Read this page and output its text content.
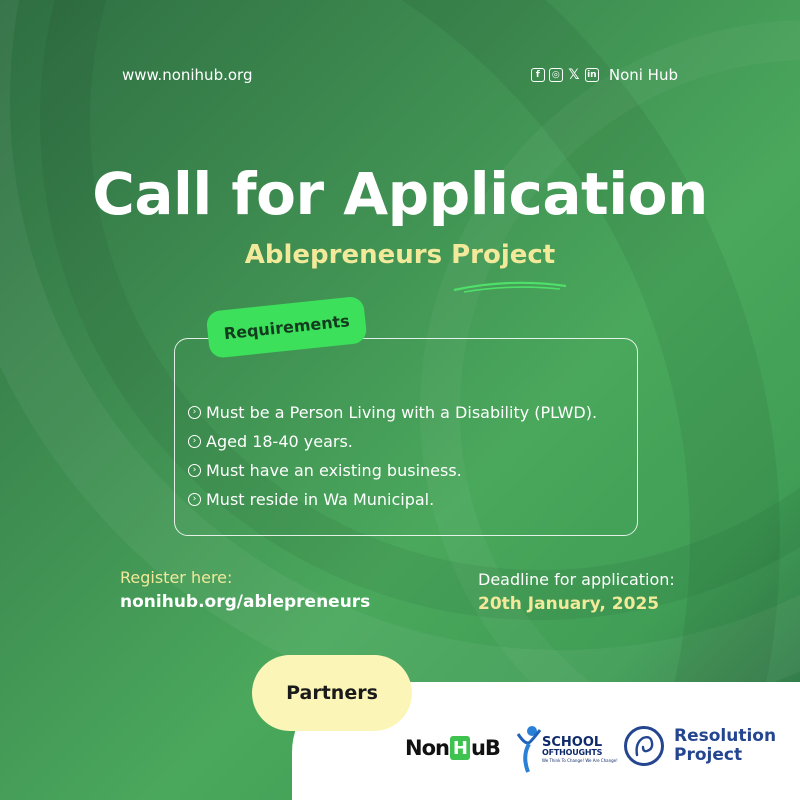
www.nonihub.org	f	◎ 𝕏 in Noni Hub
Call for Application
Ablepreneurs Project
Requirements
› Must be a Person Living with a Disability (PLWD).
› Aged 18-40 years.
› Must have an existing business.
› Must reside in Wa Municipal.
Register here:
nonihub.org/ablepreneurs
Deadline for application:
20th January, 2025
Partners
Non H uB	SCHOOL
OFTHOUGHTS
We Think To Change! We Are Change!
Resolution
Project
